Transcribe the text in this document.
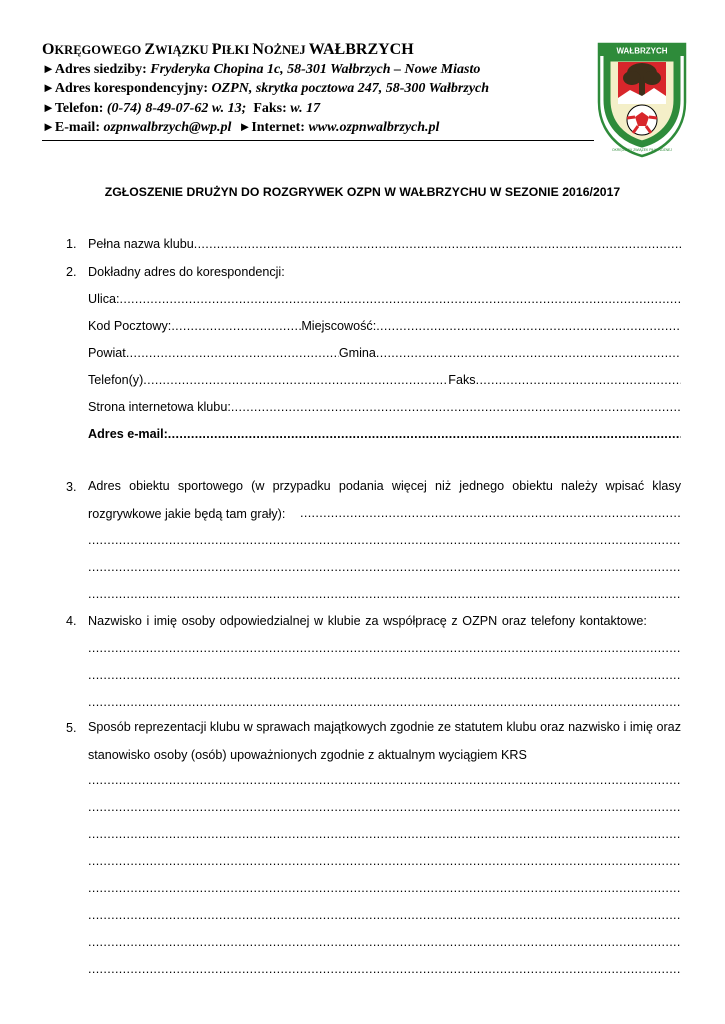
OKRĘGOWEGO ZWIĄZKU PIŁKI NOŻNEJ WAŁBRZYCH
►Adres siedziby: Fryderyka Chopina 1c, 58-301 Wałbrzych – Nowe Miasto
►Adres korespondencyjny: OZPN, skrytka pocztowa 247, 58-300 Wałbrzych
►Telefon: (0-74) 8-49-07-62 w. 13; Faks: w. 17
►E-mail: ozpnwalbrzych@wp.pl ►Internet: www.ozpnwalbrzych.pl
WAŁBRZYCH
OKRĘGOWY ZWIĄZEK PIŁKI NOŻNEJ
ZGŁOSZENIE DRUŻYN DO ROZGRYWEK OZPN W WAŁBRZYCHU W SEZONIE 2016/2017
1. Pełna nazwa klubu
.....
2. Dokładny adres do korespondencji:
Ulica:
.....
Kod Pocztowy: .....	Miejscowość:
.....
Powiat .....	Gmina
.....
Telefon(y) .....	Faks
.....
Strona internetowa klubu:
.....
Adres e-mail:
.....
3. Adres obiektu sportowego (w przypadku podania więcej niż jednego obiektu należy wpisać klasy rozgrywkowe jakie będą tam grały):
.....
.....
.....
.....
4. Nazwisko i imię osoby odpowiedzialnej w klubie za współpracę z OZPN oraz telefony kontaktowe:
.....
.....
.....
5. Sposób reprezentacji klubu w sprawach majątkowych zgodnie ze statutem klubu oraz nazwisko i imię oraz stanowisko osoby (osób) upoważnionych zgodnie z aktualnym wyciągiem KRS
.....
.....
.....
.....
.....
.....
.....
.....
